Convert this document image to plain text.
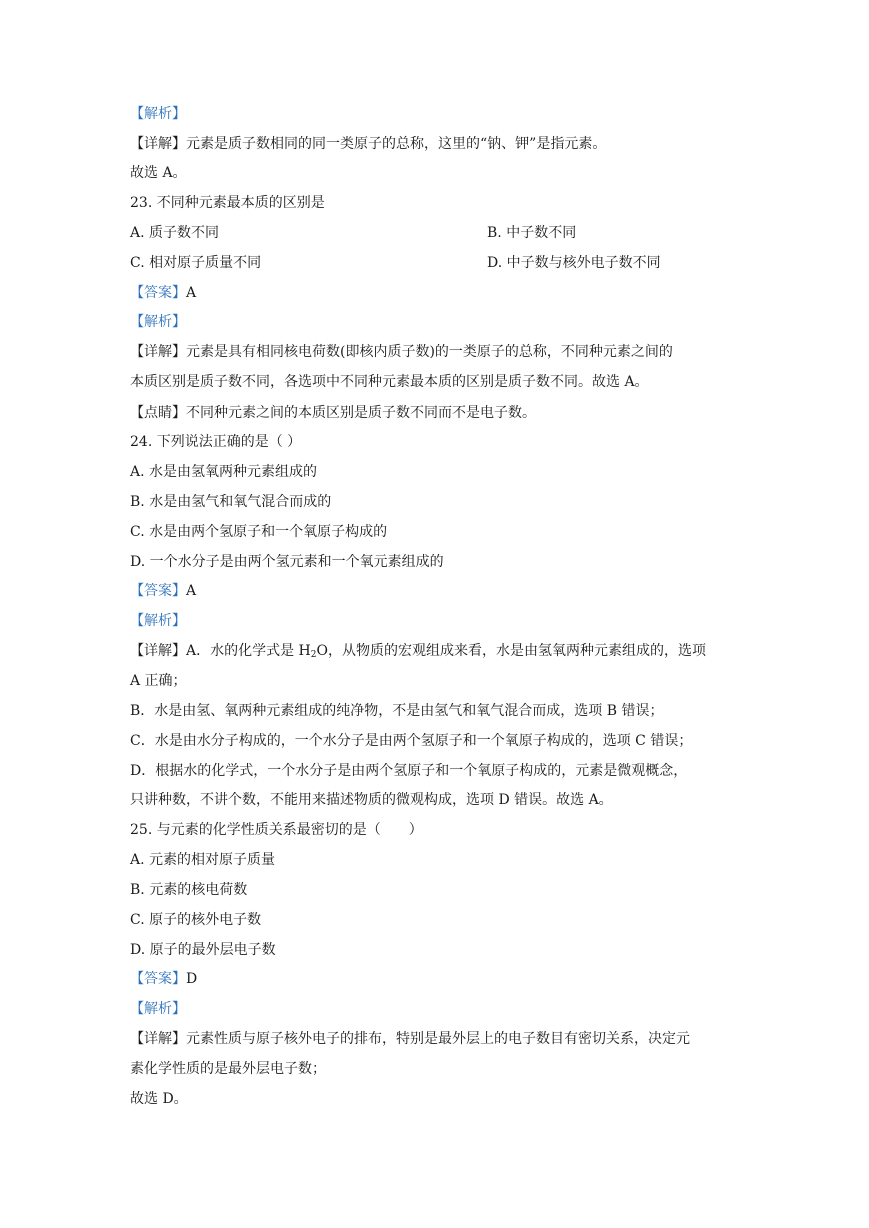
【解析】
【详解】元素是质子数相同的同一类原子的总称，这里的“钠、钾”是指元素。
故选 A。
23. 不同种元素最本质的区别是
A. 质子数不同	B. 中子数不同
C. 相对原子质量不同	D. 中子数与核外电子数不同
【答案】A
【解析】
【详解】元素是具有相同核电荷数(即核内质子数)的一类原子的总称，不同种元素之间的
本质区别是质子数不同，各选项中不同种元素最本质的区别是质子数不同。故选 A。
【点睛】不同种元素之间的本质区别是质子数不同而不是电子数。
24. 下列说法正确的是（ ）
A. 水是由氢氧两种元素组成的
B. 水是由氢气和氧气混合而成的
C. 水是由两个氢原子和一个氧原子构成的
D. 一个水分子是由两个氢元素和一个氧元素组成的
【答案】A
【解析】
【详解】A．水的化学式是 $H_2O$，从物质的宏观组成来看，水是由氢氧两种元素组成的，选项
A 正确；
B．水是由氢、氧两种元素组成的纯净物，不是由氢气和氧气混合而成，选项 B 错误；
C．水是由水分子构成的，一个水分子是由两个氢原子和一个氧原子构成的，选项 C 错误；
D．根据水的化学式，一个水分子是由两个氢原子和一个氧原子构成的，元素是微观概念，
只讲种数，不讲个数，不能用来描述物质的微观构成，选项 D 错误。故选 A。
25. 与元素的化学性质关系最密切的是（　　）
A. 元素的相对原子质量
B. 元素的核电荷数
C. 原子的核外电子数
D. 原子的最外层电子数
【答案】D
【解析】
【详解】元素性质与原子核外电子的排布，特别是最外层上的电子数目有密切关系，决定元
素化学性质的是最外层电子数；
故选 D。
